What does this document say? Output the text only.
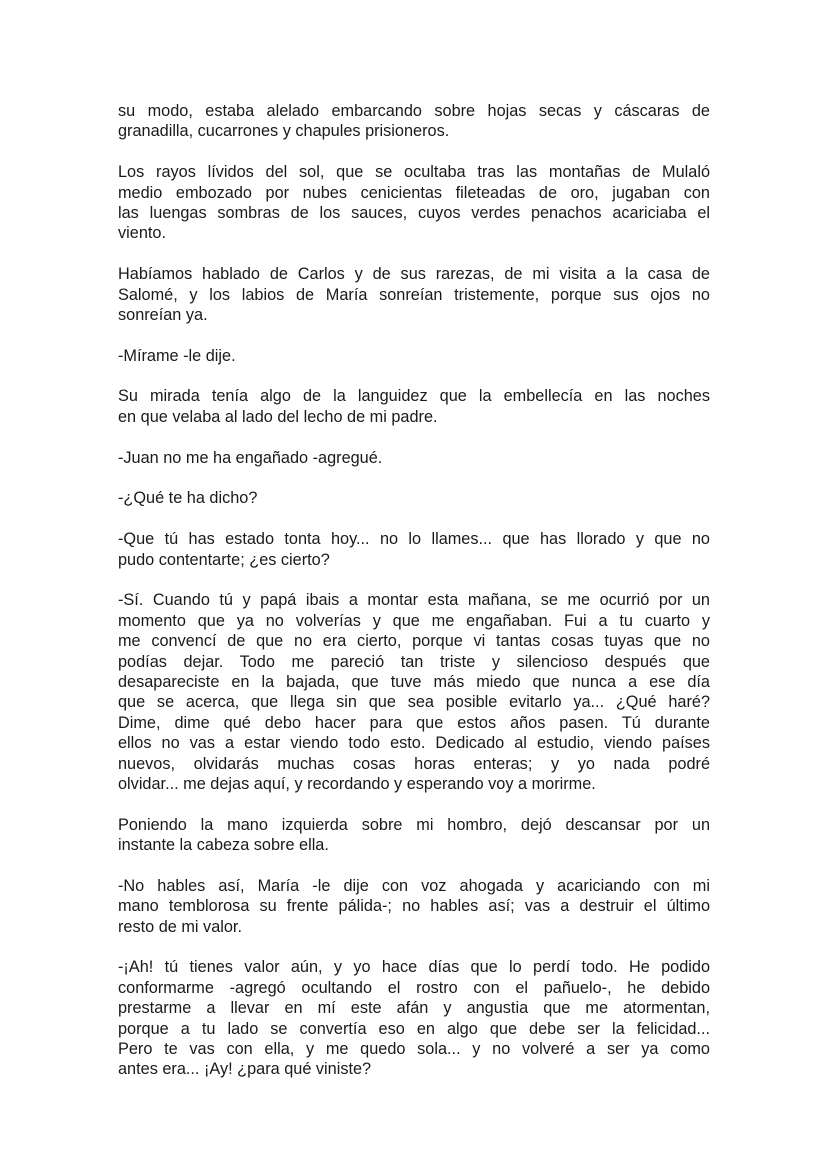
su modo, estaba alelado embarcando sobre hojas secas y cáscaras de
granadilla, cucarrones y chapules prisioneros.

Los rayos lívidos del sol, que se ocultaba tras las montañas de Mulaló
medio embozado por nubes cenicientas fileteadas de oro, jugaban con
las luengas sombras de los sauces, cuyos verdes penachos acariciaba el
viento.

Habíamos hablado de Carlos y de sus rarezas, de mi visita a la casa de
Salomé, y los labios de María sonreían tristemente, porque sus ojos no
sonreían ya.

-Mírame -le dije.

Su mirada tenía algo de la languidez que la embellecía en las noches
en que velaba al lado del lecho de mi padre.

-Juan no me ha engañado -agregué.

-¿Qué te ha dicho?

-Que tú has estado tonta hoy... no lo llames... que has llorado y que no
pudo contentarte; ¿es cierto?

-Sí. Cuando tú y papá ibais a montar esta mañana, se me ocurrió por un
momento que ya no volverías y que me engañaban. Fui a tu cuarto y
me convencí de que no era cierto, porque vi tantas cosas tuyas que no
podías dejar. Todo me pareció tan triste y silencioso después que
desapareciste en la bajada, que tuve más miedo que nunca a ese día
que se acerca, que llega sin que sea posible evitarlo ya... ¿Qué haré?
Dime, dime qué debo hacer para que estos años pasen. Tú durante
ellos no vas a estar viendo todo esto. Dedicado al estudio, viendo países
nuevos, olvidarás muchas cosas horas enteras; y yo nada podré
olvidar... me dejas aquí, y recordando y esperando voy a morirme.

Poniendo la mano izquierda sobre mi hombro, dejó descansar por un
instante la cabeza sobre ella.

-No hables así, María -le dije con voz ahogada y acariciando con mi
mano temblorosa su frente pálida-; no hables así; vas a destruir el último
resto de mi valor.

-¡Ah! tú tienes valor aún, y yo hace días que lo perdí todo. He podido
conformarme -agregó ocultando el rostro con el pañuelo-, he debido
prestarme a llevar en mí este afán y angustia que me atormentan,
porque a tu lado se convertía eso en algo que debe ser la felicidad...
Pero te vas con ella, y me quedo sola... y no volveré a ser ya como
antes era... ¡Ay! ¿para qué viniste?
